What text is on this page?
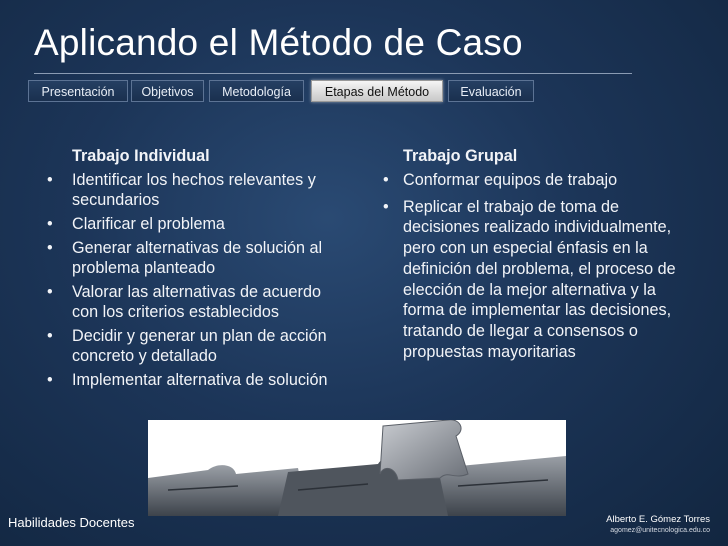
Aplicando el Método de Caso
Presentación	Objetivos	Metodología	Etapas del Método	Evaluación
Trabajo Individual
• Identificar los hechos relevantes y secundarios
• Clarificar el problema
• Generar alternativas de solución al problema planteado
• Valorar las alternativas de acuerdo con los criterios establecidos
• Decidir y generar un plan de acción concreto y detallado
• Implementar alternativa de solución
Trabajo Grupal
• Conformar equipos de trabajo
• Replicar el trabajo de toma de decisiones realizado individualmente, pero con un especial énfasis en la definición del problema, el proceso de elección de la mejor alternativa y la forma de implementar las decisiones, tratando de llegar a consensos o propuestas mayoritarias
Habilidades Docentes	Alberto E. Gómez Torres
agomez@unitecnologica.edu.co
